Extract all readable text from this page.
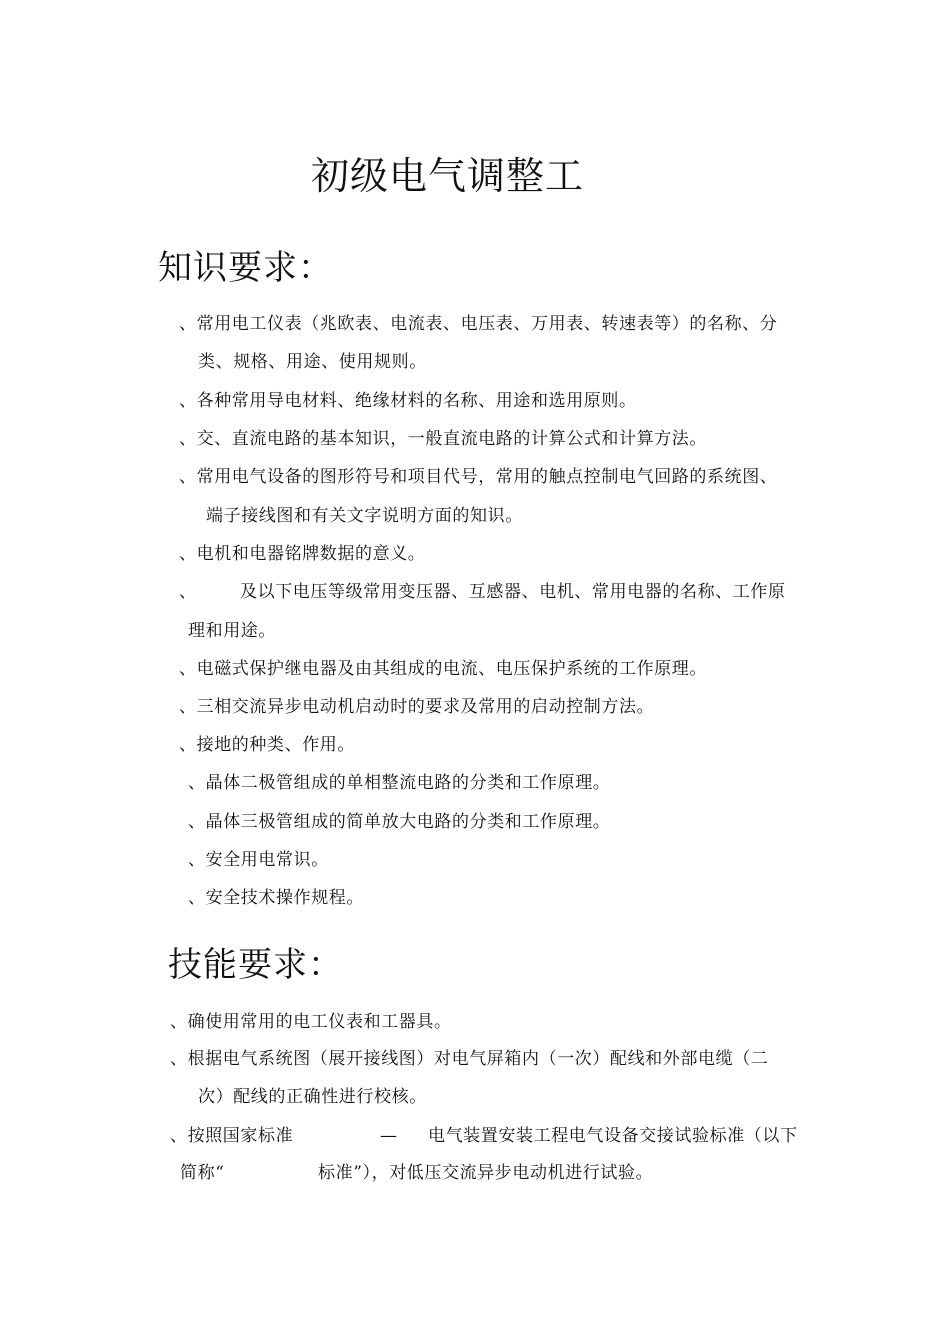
初级电气调整工
知识要求：
、常用电工仪表（兆欧表、电流表、电压表、万用表、转速表等）的名称、分
类、规格、用途、使用规则。
、各种常用导电材料、绝缘材料的名称、用途和选用原则。
、交、直流电路的基本知识，一般直流电路的计算公式和计算方法。
、常用电气设备的图形符号和项目代号，常用的触点控制电气回路的系统图、
端子接线图和有关文字说明方面的知识。
、电机和电器铭牌数据的意义。
、	及以下电压等级常用变压器、互感器、电机、常用电器的名称、工作原
理和用途。
、电磁式保护继电器及由其组成的电流、电压保护系统的工作原理。
、三相交流异步电动机启动时的要求及常用的启动控制方法。
、接地的种类、作用。
、晶体二极管组成的单相整流电路的分类和工作原理。
、晶体三极管组成的简单放大电路的分类和工作原理。
、安全用电常识。
、安全技术操作规程。
技能要求：
、确使用常用的电工仪表和工器具。
、根据电气系统图（展开接线图）对电气屏箱内（一次）配线和外部电缆（二
次）配线的正确性进行校核。
、按照国家标准	— 电气装置安装工程电气设备交接试验标准（以下
简称“	标准”），对低压交流异步电动机进行试验。
